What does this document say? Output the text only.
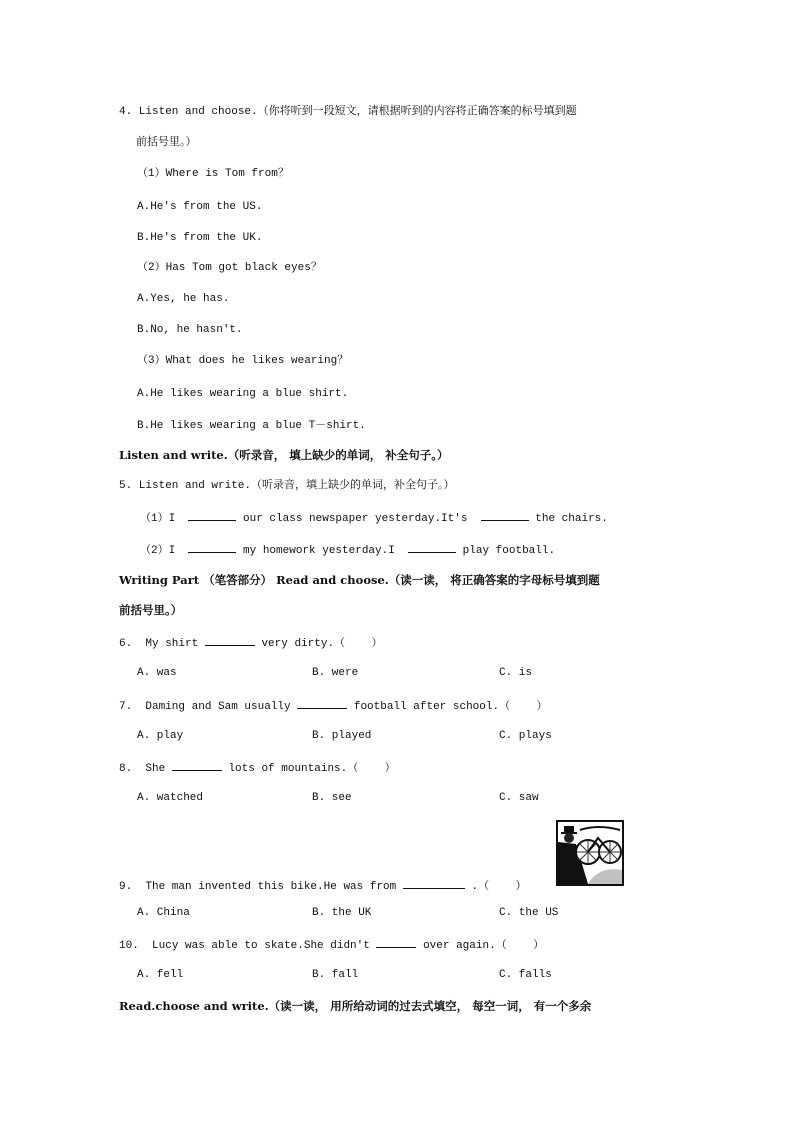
4. Listen and choose.（你将听到一段短文，请根据听到的内容将正确答案的标号填到题
前括号里。）
（1）Where is Tom from？
A.He's from the US.
B.He's from the UK.
（2）Has Tom got black eyes？
A.Yes, he has.
B.No, he hasn't.
（3）What does he likes wearing？
A.He likes wearing a blue shirt.
B.He likes wearing a blue T－shirt.
Listen and write.（听录音， 填上缺少的单词， 补全句子。）
5. Listen and write.（听录音，填上缺少的单词，补全句子。）
（1）I	our class newspaper yesterday.It's	the chairs.
（2）I	my homework yesterday.I	play football.
Writing Part （笔答部分） Read and choose.（读一读， 将正确答案的字母标号填到题
前括号里。）
6. My shirt	very dirty.（    ）
A. was	B. were	C. is
7. Daming and Sam usually	football after school.（    ）
A. play	B. played	C. plays
8. She	lots of mountains.（    ）
A. watched	B. see	C. saw
9. The man invented this bike.He was from	.（    ）
A. China	B. the UK	C. the US
10. Lucy was able to skate.She didn't	over again.（    ）
A. fell	B. fall	C. falls
Read.choose and write.（读一读， 用所给动词的过去式填空， 每空一词， 有一个多余
